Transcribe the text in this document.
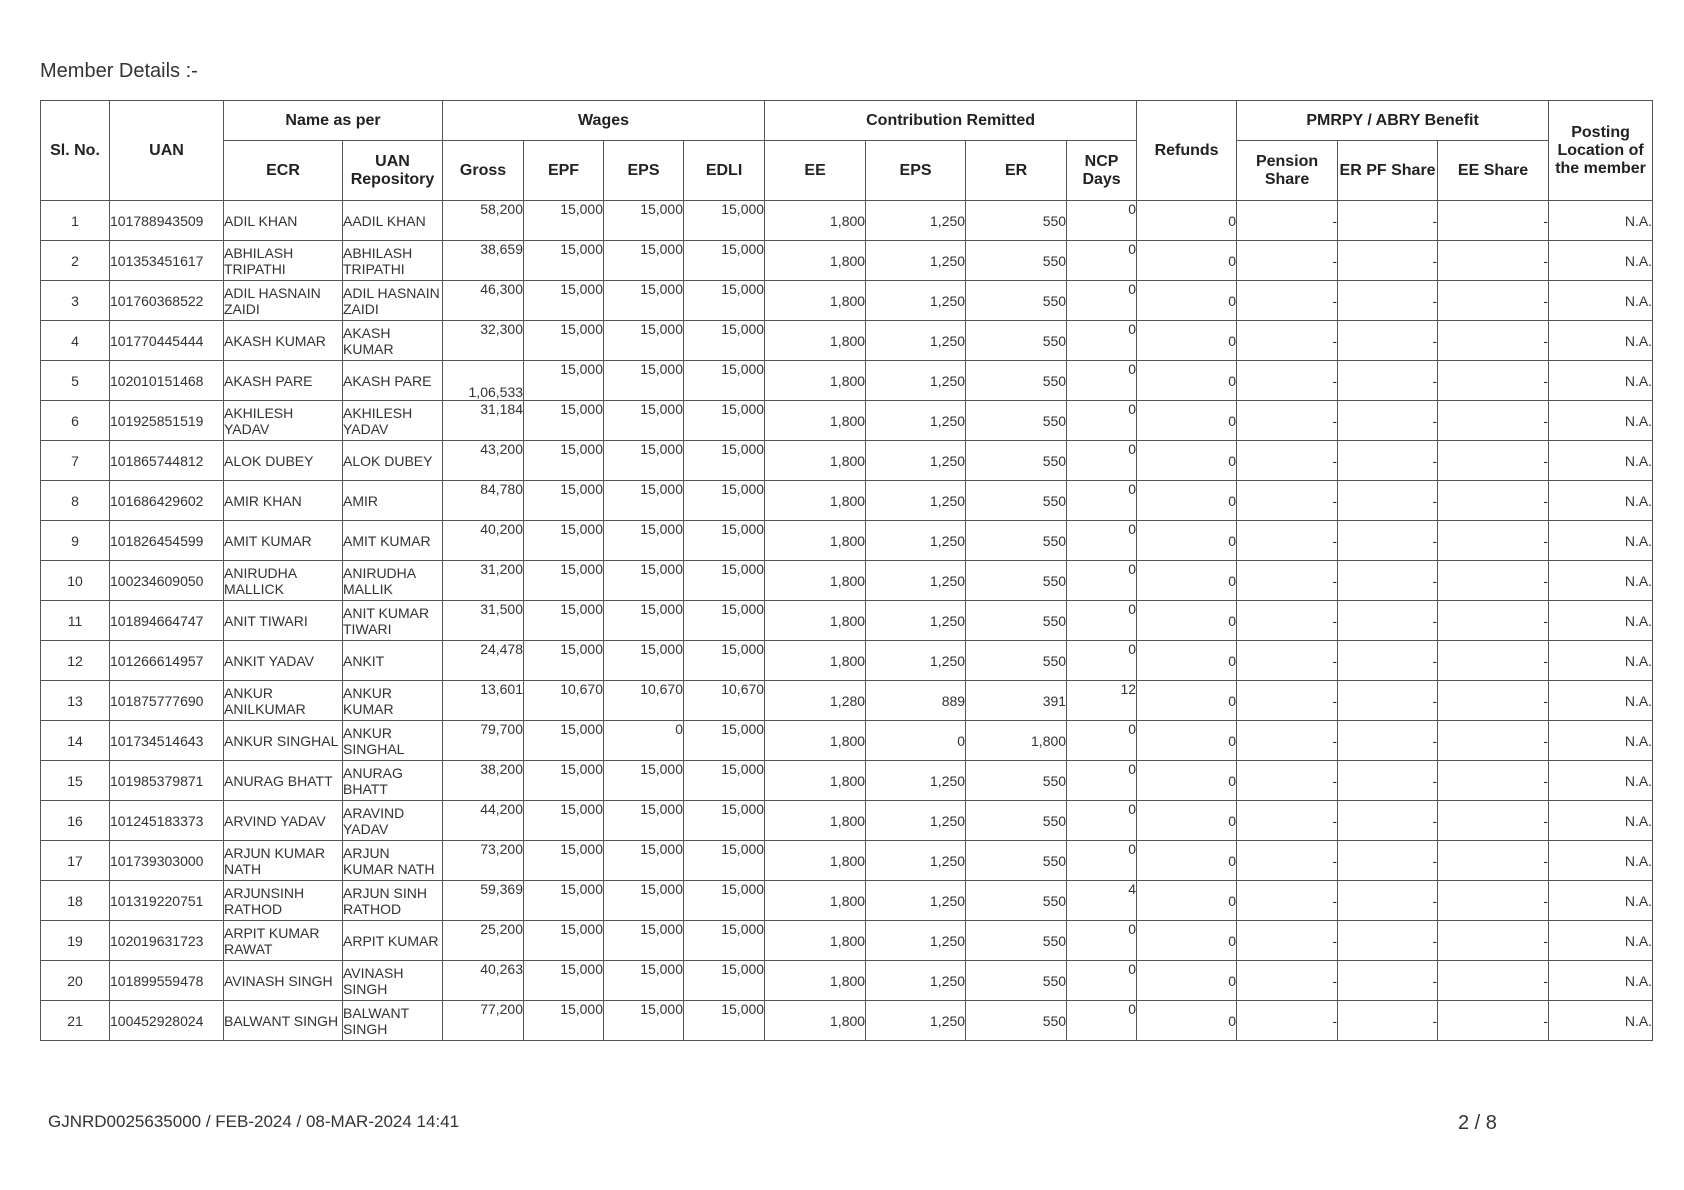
Member Details :-
Sl. No.	UAN	Name as per		Wages				Contribution Remitted				Refunds	PMRPY / ABRY Benefit			Posting Location of the member
		ECR	UAN Repository	Gross	EPF	EPS	EDLI	EE	EPS	ER	NCP Days		Pension Share	ER PF Share	EE Share	
1	101788943509	ADIL KHAN	AADIL KHAN	58,200	15,000	15,000	15,000	1,800	1,250	550	0	0	-	-	-	N.A.
2	101353451617	ABHILASH TRIPATHI	ABHILASH TRIPATHI	38,659	15,000	15,000	15,000	1,800	1,250	550	0	0	-	-	-	N.A.
3	101760368522	ADIL HASNAIN ZAIDI	ADIL HASNAIN ZAIDI	46,300	15,000	15,000	15,000	1,800	1,250	550	0	0	-	-	-	N.A.
4	101770445444	AKASH KUMAR	AKASH KUMAR	32,300	15,000	15,000	15,000	1,800	1,250	550	0	0	-	-	-	N.A.
5	102010151468	AKASH PARE	AKASH PARE	1,06,533	15,000	15,000	15,000	1,800	1,250	550	0	0	-	-	-	N.A.
6	101925851519	AKHILESH YADAV	AKHILESH YADAV	31,184	15,000	15,000	15,000	1,800	1,250	550	0	0	-	-	-	N.A.
7	101865744812	ALOK DUBEY	ALOK DUBEY	43,200	15,000	15,000	15,000	1,800	1,250	550	0	0	-	-	-	N.A.
8	101686429602	AMIR KHAN	AMIR	84,780	15,000	15,000	15,000	1,800	1,250	550	0	0	-	-	-	N.A.
9	101826454599	AMIT KUMAR	AMIT KUMAR	40,200	15,000	15,000	15,000	1,800	1,250	550	0	0	-	-	-	N.A.
10	100234609050	ANIRUDHA MALLICK	ANIRUDHA MALLIK	31,200	15,000	15,000	15,000	1,800	1,250	550	0	0	-	-	-	N.A.
11	101894664747	ANIT TIWARI	ANIT KUMAR TIWARI	31,500	15,000	15,000	15,000	1,800	1,250	550	0	0	-	-	-	N.A.
12	101266614957	ANKIT YADAV	ANKIT	24,478	15,000	15,000	15,000	1,800	1,250	550	0	0	-	-	-	N.A.
13	101875777690	ANKUR ANILKUMAR	ANKUR KUMAR	13,601	10,670	10,670	10,670	1,280	889	391	12	0	-	-	-	N.A.
14	101734514643	ANKUR SINGHAL	ANKUR SINGHAL	79,700	15,000	0	15,000	1,800	0	1,800	0	0	-	-	-	N.A.
15	101985379871	ANURAG BHATT	ANURAG BHATT	38,200	15,000	15,000	15,000	1,800	1,250	550	0	0	-	-	-	N.A.
16	101245183373	ARVIND YADAV	ARAVIND YADAV	44,200	15,000	15,000	15,000	1,800	1,250	550	0	0	-	-	-	N.A.
17	101739303000	ARJUN KUMAR NATH	ARJUN KUMAR NATH	73,200	15,000	15,000	15,000	1,800	1,250	550	0	0	-	-	-	N.A.
18	101319220751	ARJUNSINH RATHOD	ARJUN SINH RATHOD	59,369	15,000	15,000	15,000	1,800	1,250	550	4	0	-	-	-	N.A.
19	102019631723	ARPIT KUMAR RAWAT	ARPIT KUMAR	25,200	15,000	15,000	15,000	1,800	1,250	550	0	0	-	-	-	N.A.
20	101899559478	AVINASH SINGH	AVINASH SINGH	40,263	15,000	15,000	15,000	1,800	1,250	550	0	0	-	-	-	N.A.
21	100452928024	BALWANT SINGH	BALWANT SINGH	77,200	15,000	15,000	15,000	1,800	1,250	550	0	0	-	-	-	N.A.
GJNRD0025635000 / FEB-2024 / 08-MAR-2024 14:41	2 / 8
